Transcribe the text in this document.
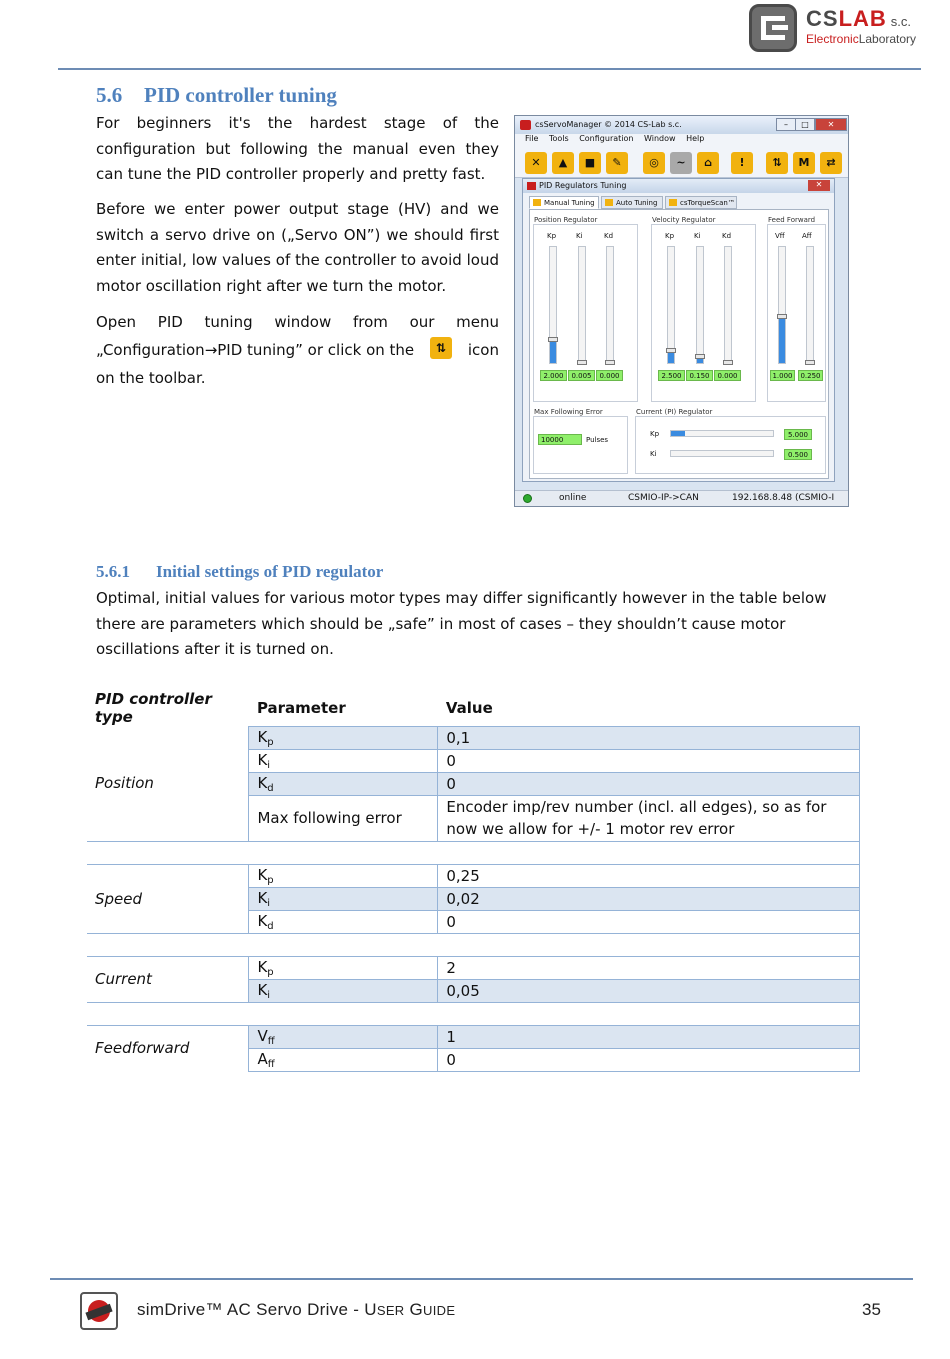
CSLAB s.c.
ElectronicLaboratory
5.6 PID controller tuning
For beginners it's the hardest stage of the configuration but following the manual even they can tune the PID controller properly and pretty fast.
Before we enter power output stage (HV) and we switch a servo drive on („Servo ON”) we should first enter initial, low values of the controller to avoid loud motor oscillation right after we turn the motor.
Open PID tuning window from our menu
„Configuration→PID tuning” or click on the	⇅	icon
on the toolbar.
csServoManager © 2014 CS-Lab s.c.	–	□	✕
File Tools Configuration Window Help
✕	▲	■	✎	◎	~	⌂	!	⇅	M	⇄
PID Regulators Tuning	✕
Manual Tuning	Auto Tuning	csTorqueScan™
Position Regulator
Kp	Ki	Kd
2.000	0.005	0.000
Velocity Regulator
Kp	Ki	Kd
2.500	0.150	0.000
Feed Forward
Vff Aff
1.000	0.250
Max Following Error
10000	Pulses
Current (PI) Regulator
Kp
Ki
5.000
0.500
online	CSMIO-IP->CAN	192.168.8.48 (CSMIO-I
5.6.1 Initial settings of PID regulator
Optimal, initial values for various motor types may differ significantly however in the table below there are parameters which should be „safe” in most of cases – they shouldn’t cause motor oscillations after it is turned on.
PID controller type	Parameter	Value
Position	$K_p$	0,1
	$K_i$	0
	$K_d$	0
	Max following error	Encoder imp/rev number (incl. all edges), so as for now we allow for +/- 1 motor rev error

Speed	$K_p$	0,25
	$K_i$	0,02
	$K_d$	0

Current	$K_p$	2
	$K_i$	0,05

Feedforward	$V_{ff}$	1
	$A_{ff}$	0
simDrive™ AC Servo Drive - USER GUIDE	35
